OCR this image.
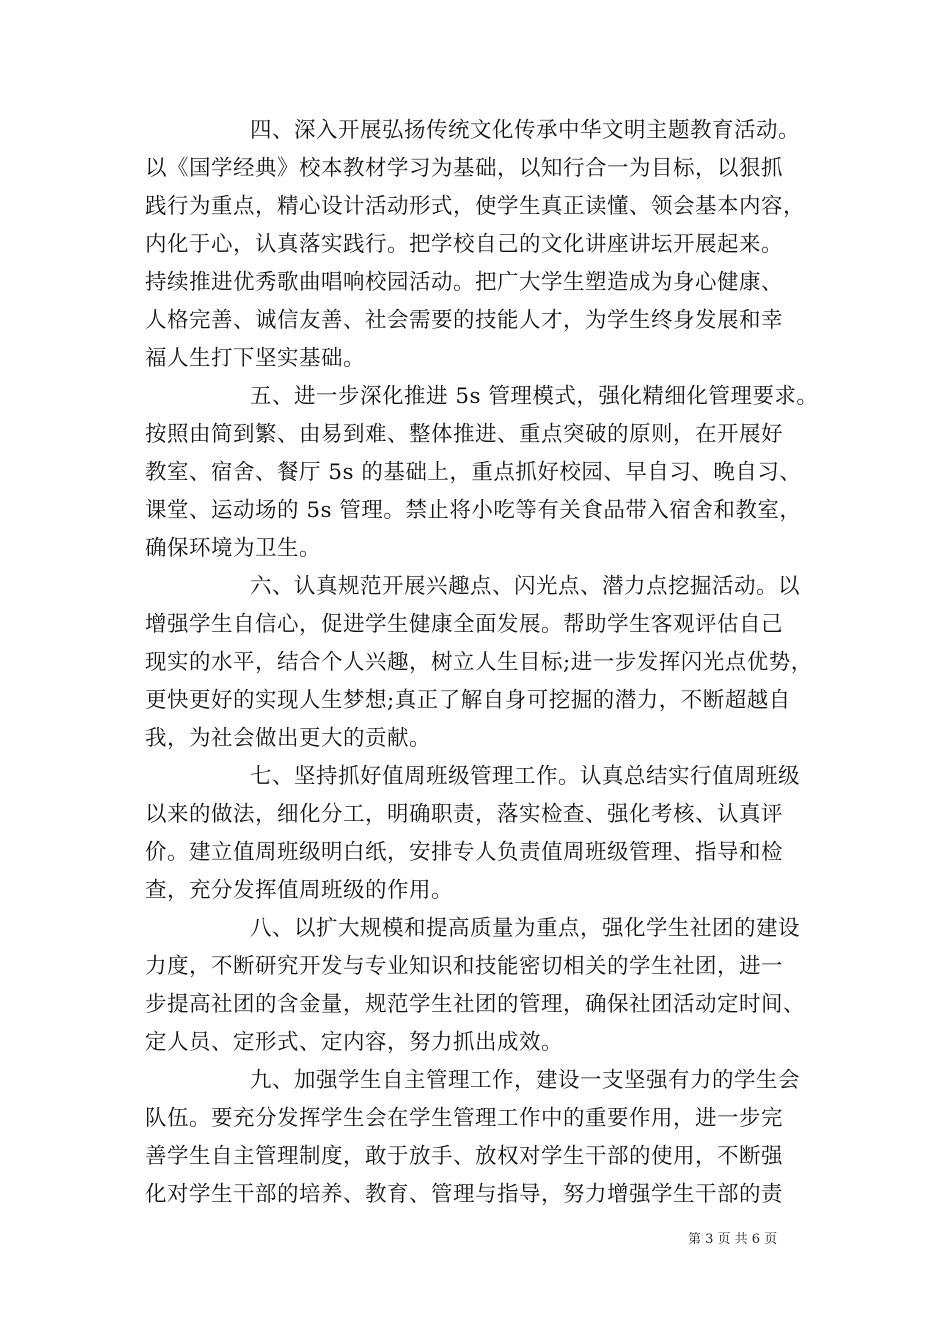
四、深入开展弘扬传统文化传承中华文明主题教育活动。
以《国学经典》校本教材学习为基础，以知行合一为目标，以狠抓
践行为重点，精心设计活动形式，使学生真正读懂、领会基本内容，
内化于心，认真落实践行。把学校自己的文化讲座讲坛开展起来。
持续推进优秀歌曲唱响校园活动。把广大学生塑造成为身心健康、
人格完善、诚信友善、社会需要的技能人才，为学生终身发展和幸
福人生打下坚实基础。

五、进一步深化推进 5s 管理模式，强化精细化管理要求。
按照由简到繁、由易到难、整体推进、重点突破的原则，在开展好
教室、宿舍、餐厅 5s 的基础上，重点抓好校园、早自习、晚自习、
课堂、运动场的 5s 管理。禁止将小吃等有关食品带入宿舍和教室，
确保环境为卫生。

六、认真规范开展兴趣点、闪光点、潜力点挖掘活动。以
增强学生自信心，促进学生健康全面发展。帮助学生客观评估自己
现实的水平，结合个人兴趣，树立人生目标;进一步发挥闪光点优势，
更快更好的实现人生梦想;真正了解自身可挖掘的潜力，不断超越自
我，为社会做出更大的贡献。

七、坚持抓好值周班级管理工作。认真总结实行值周班级
以来的做法，细化分工，明确职责，落实检查、强化考核、认真评
价。建立值周班级明白纸，安排专人负责值周班级管理、指导和检
查，充分发挥值周班级的作用。

八、以扩大规模和提高质量为重点，强化学生社团的建设
力度，不断研究开发与专业知识和技能密切相关的学生社团，进一
步提高社团的含金量，规范学生社团的管理，确保社团活动定时间、
定人员、定形式、定内容，努力抓出成效。

九、加强学生自主管理工作，建设一支坚强有力的学生会
队伍。要充分发挥学生会在学生管理工作中的重要作用，进一步完
善学生自主管理制度，敢于放手、放权对学生干部的使用，不断强
化对学生干部的培养、教育、管理与指导，努力增强学生干部的责

第 3 页 共 6 页
